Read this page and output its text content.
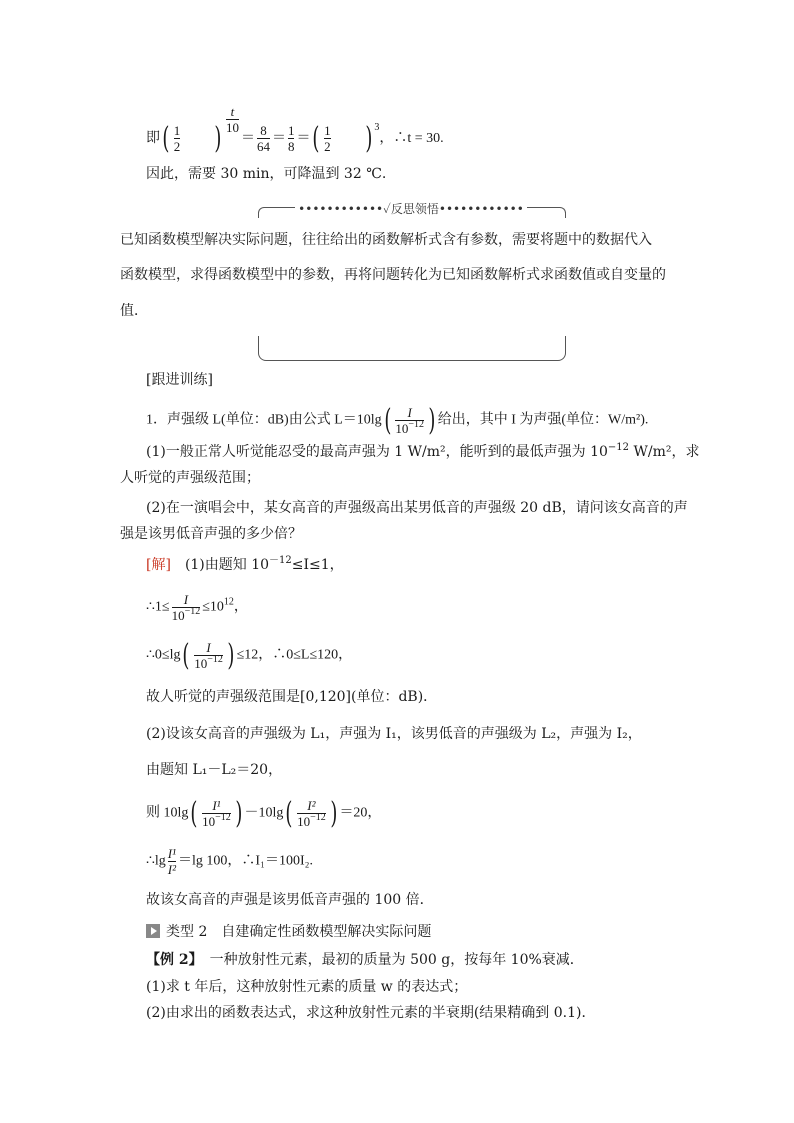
即( $\frac{1}{2}$ )
$\frac{t}{10}$
＝ $\frac{8}{64} = \frac{1}{8}$ ＝( $\frac{1}{2}$ ) $^3$，∴t = 30.
因此，需要 30 min，可降温到 32 ℃.
••••••••••••✓反思领悟••••••••••••
已知函数模型解决实际问题，往往给出的函数解析式含有参数，需要将题中的数据代入
函数模型，求得函数模型中的参数，再将问题转化为已知函数解析式求函数值或自变量的
值．
[跟进训练]
1．声强级 L(单位：dB)由公式 $L=10\lg( \frac{I}{10^{-12}}$ ) 给出，其中 I 为声强(单位：W/m²).
(1)一般正常人听觉能忍受的最高声强为 1 W/m²，能听到的最低声强为 $10^{-12}$ W/m²，求
人听觉的声强级范围；
(2)在一演唱会中，某女高音的声强级高出某男低音的声强级 20 dB，请问该女高音的声
强是该男低音声强的多少倍？
[解]　 (1)由题知 $10^{-12}\le I\le 1$，
∴1≤ $\frac{I}{10^{-12}} \le 10^{12}$，
∴0≤lg( $\frac{I}{10^{-12}}$ ) ≤12，∴0≤L≤120，
故人听觉的声强级范围是[0,120](单位：dB)．
(2)设该女高音的声强级为 L₁，声强为 I₁，该男低音的声强级为 L₂，声强为 I₂，
由题知 L₁－L₂＝20，
则 $10\lg( \frac{\text{I¹}}{10^{-12}}$ ) $-10\lg( \frac{\text{I²}}{10^{-12}}$ ) ＝20，
∴lg $\frac{\text{I¹}}{\text{I²}} =\lg$ 100，∴I₁＝100I₂.
故该女高音的声强是该男低音声强的 100 倍．
类型 2　自建确定性函数模型解决实际问题
【例 2】　一种放射性元素，最初的质量为 500 g，按每年 10%衰减．
(1)求 t 年后，这种放射性元素的质量 w 的表达式；
(2)由求出的函数表达式，求这种放射性元素的半衰期(结果精确到 0.1)．
